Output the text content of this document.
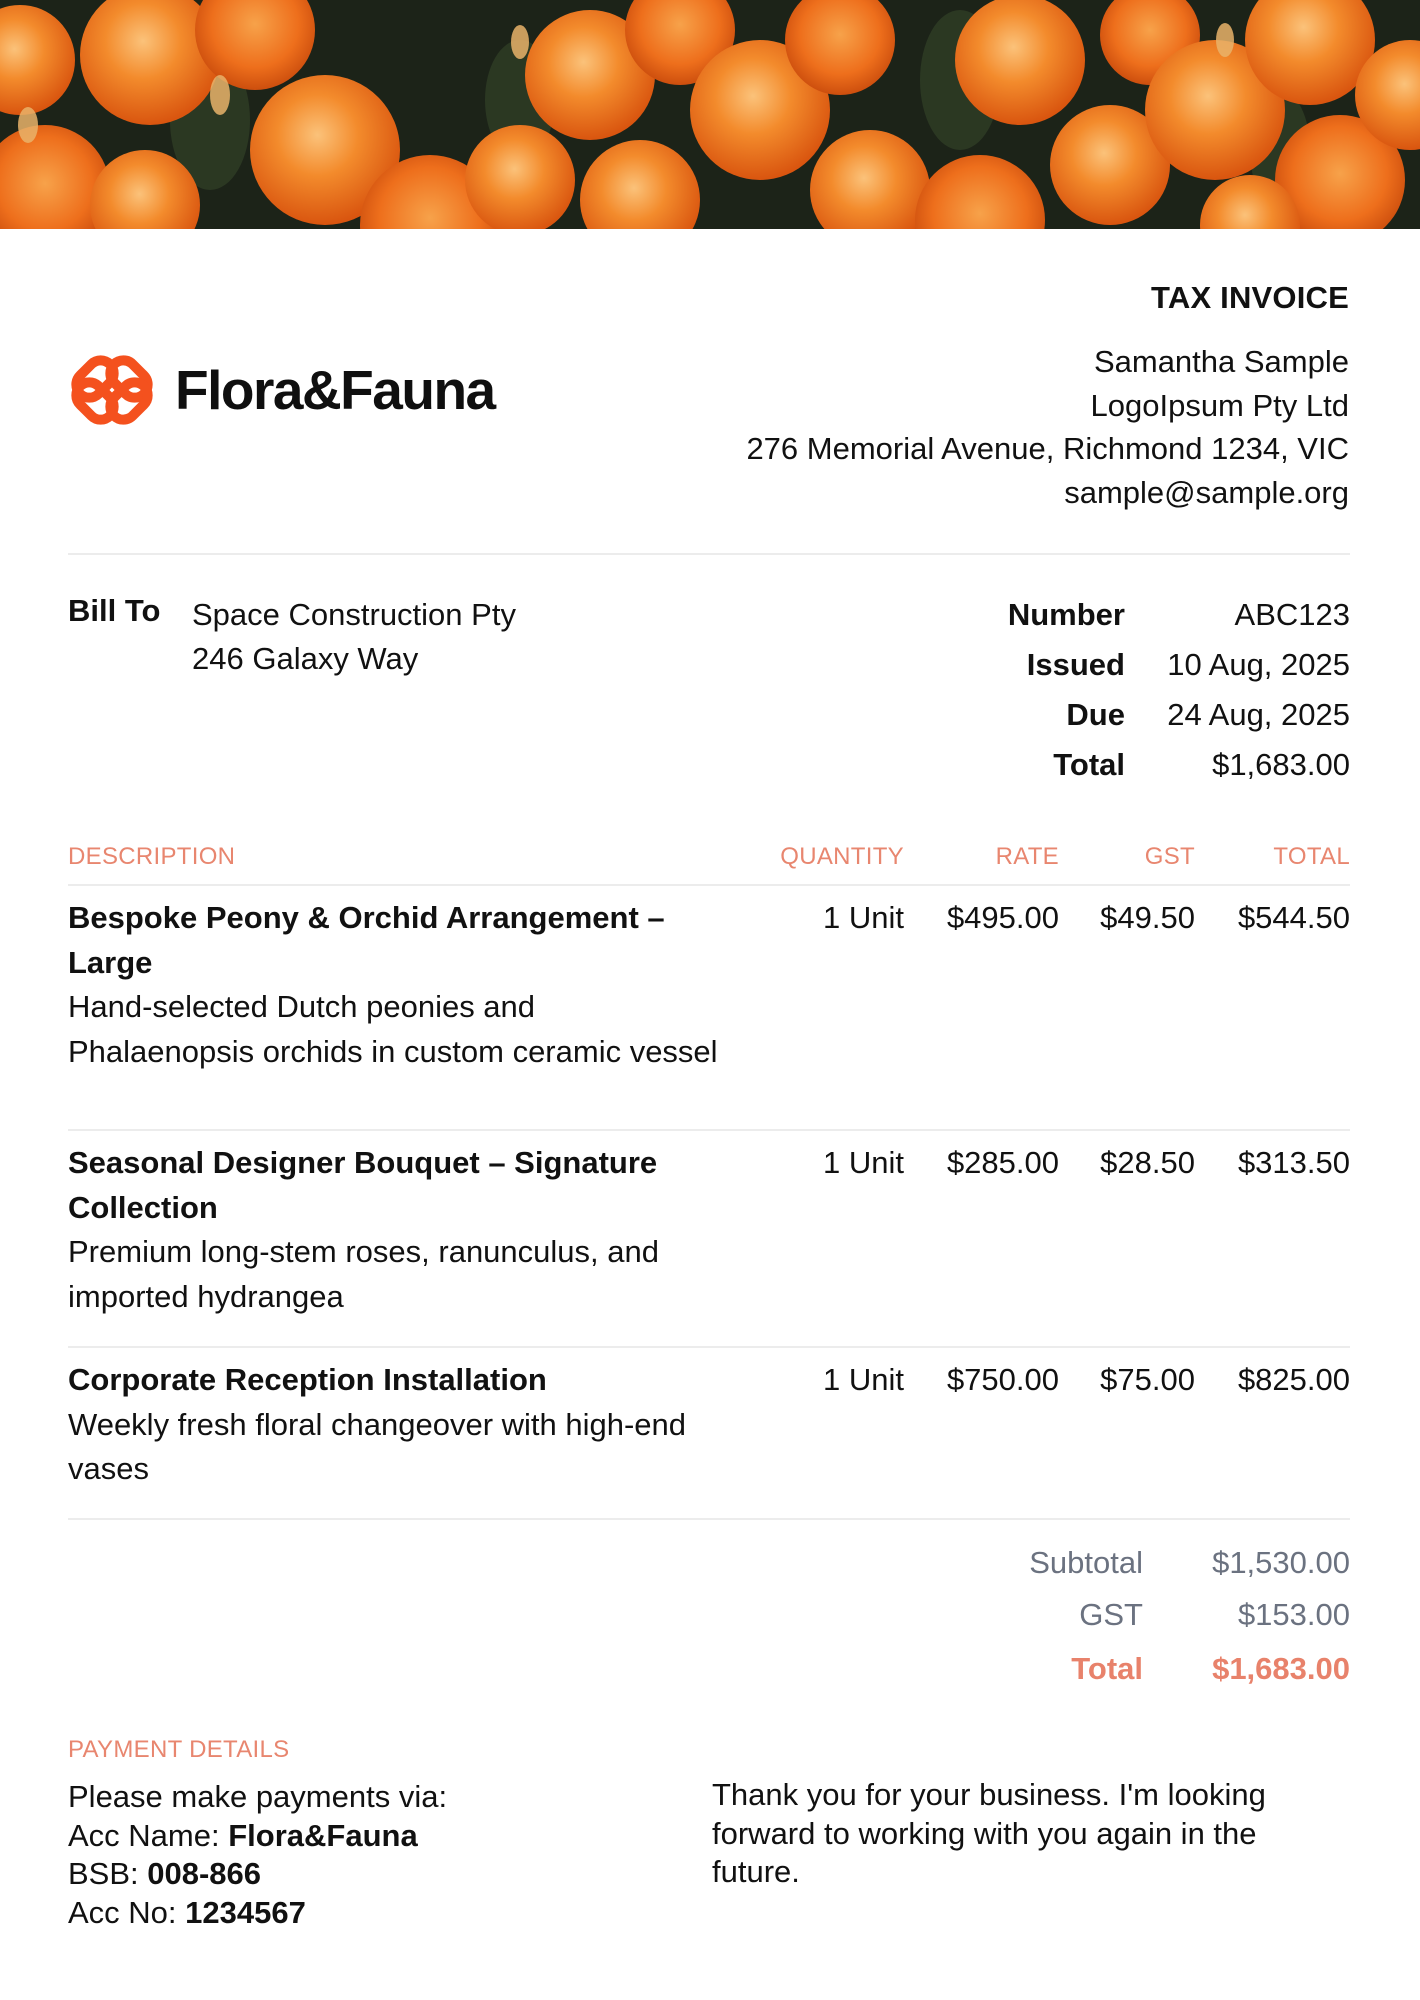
Flora&Fauna
TAX INVOICE
Samantha Sample
LogoIpsum Pty Ltd
276 Memorial Avenue, Richmond 1234, VIC
sample@sample.org
Bill To Space Construction Pty
246 Galaxy Way
Number	ABC123
Issued	10 Aug, 2025
Due	24 Aug, 2025
Total	$1,683.00
DESCRIPTION	QUANTITY	RATE	GST	TOTAL
Bespoke Peony & Orchid Arrangement – Large
Hand-selected Dutch peonies and Phalaenopsis orchids in custom ceramic vessel
1 Unit	$495.00	$49.50	$544.50
Seasonal Designer Bouquet – Signature Collection
Premium long-stem roses, ranunculus, and imported hydrangea
1 Unit	$285.00	$28.50	$313.50
Corporate Reception Installation
Weekly fresh floral changeover with high-end vases
1 Unit	$750.00	$75.00	$825.00
Subtotal	$1,530.00
GST	$153.00
Total	$1,683.00
PAYMENT DETAILS
Please make payments via:
Acc Name: Flora&Fauna
BSB: 008-866
Acc No: 1234567
Thank you for your business. I'm looking forward to working with you again in the future.
